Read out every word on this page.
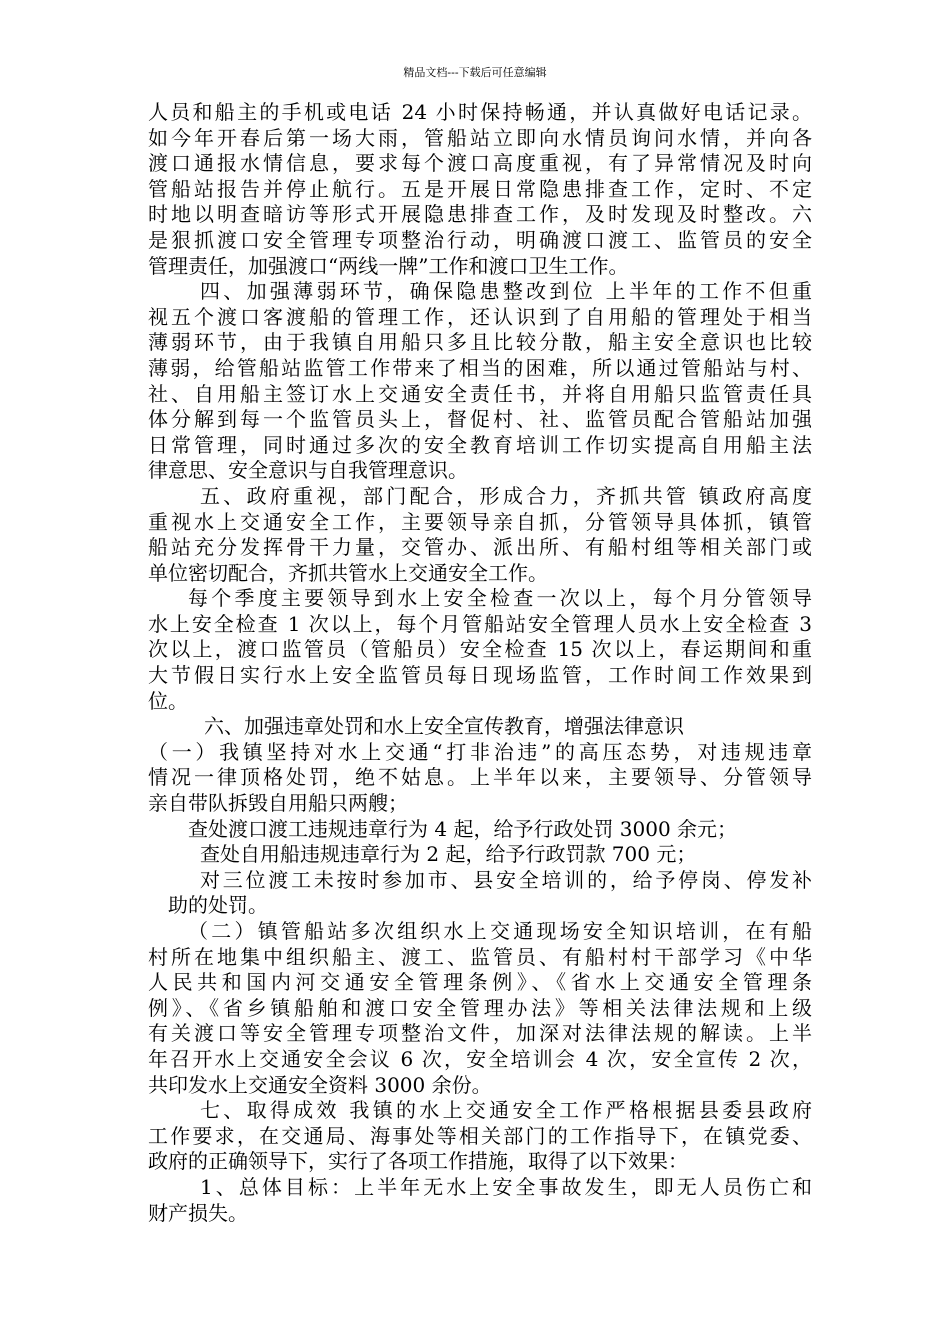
精品文档---下载后可任意编辑
人员和船主的手机或电话 24 小时保持畅通，并认真做好电话记录。
如今年开春后第一场大雨，管船站立即向水情员询问水情，并向各
渡口通报水情信息，要求每个渡口高度重视，有了异常情况及时向
管船站报告并停止航行。五是开展日常隐患排查工作，定时、不定
时地以明查暗访等形式开展隐患排查工作，及时发现及时整改。六
是狠抓渡口安全管理专项整治行动，明确渡口渡工、监管员的安全
管理责任，加强渡口“两线一牌”工作和渡口卫生工作。
四、加强薄弱环节，确保隐患整改到位 上半年的工作不但重
视五个渡口客渡船的管理工作，还认识到了自用船的管理处于相当
薄弱环节，由于我镇自用船只多且比较分散，船主安全意识也比较
薄弱，给管船站监管工作带来了相当的困难，所以通过管船站与村、
社、自用船主签订水上交通安全责任书，并将自用船只监管责任具
体分解到每一个监管员头上，督促村、社、监管员配合管船站加强
日常管理，同时通过多次的安全教育培训工作切实提高自用船主法
律意思、安全意识与自我管理意识。
五、政府重视，部门配合，形成合力，齐抓共管 镇政府高度
重视水上交通安全工作，主要领导亲自抓，分管领导具体抓，镇管
船站充分发挥骨干力量，交管办、派出所、有船村组等相关部门或
单位密切配合，齐抓共管水上交通安全工作。
每个季度主要领导到水上安全检查一次以上，每个月分管领导
水上安全检查 1 次以上，每个月管船站安全管理人员水上安全检查 3
次以上，渡口监管员（管船员）安全检查 15 次以上，春运期间和重
大节假日实行水上安全监管员每日现场监管，工作时间工作效果到
位。
六、加强违章处罚和水上安全宣传教育，增强法律意识
（一）我镇坚持对水上交通“打非治违”的高压态势，对违规违章
情况一律顶格处罚，绝不姑息。上半年以来，主要领导、分管领导
亲自带队拆毁自用船只两艘；
查处渡口渡工违规违章行为 4 起，给予行政处罚 3000 余元；
查处自用船违规违章行为 2 起，给予行政罚款 700 元；
对三位渡工未按时参加市、县安全培训的，给予停岗、停发补
助的处罚。
（二）镇管船站多次组织水上交通现场安全知识培训，在有船
村所在地集中组织船主、渡工、监管员、有船村村干部学习《中华
人民共和国内河交通安全管理条例》、《省水上交通安全管理条
例》、《省乡镇船舶和渡口安全管理办法》等相关法律法规和上级
有关渡口等安全管理专项整治文件，加深对法律法规的解读。上半
年召开水上交通安全会议 6 次，安全培训会 4 次，安全宣传 2 次，
共印发水上交通安全资料 3000 余份。
七、取得成效 我镇的水上交通安全工作严格根据县委县政府
工作要求，在交通局、海事处等相关部门的工作指导下，在镇党委、
政府的正确领导下，实行了各项工作措施，取得了以下效果：
1、总体目标：上半年无水上安全事故发生，即无人员伤亡和
财产损失。
